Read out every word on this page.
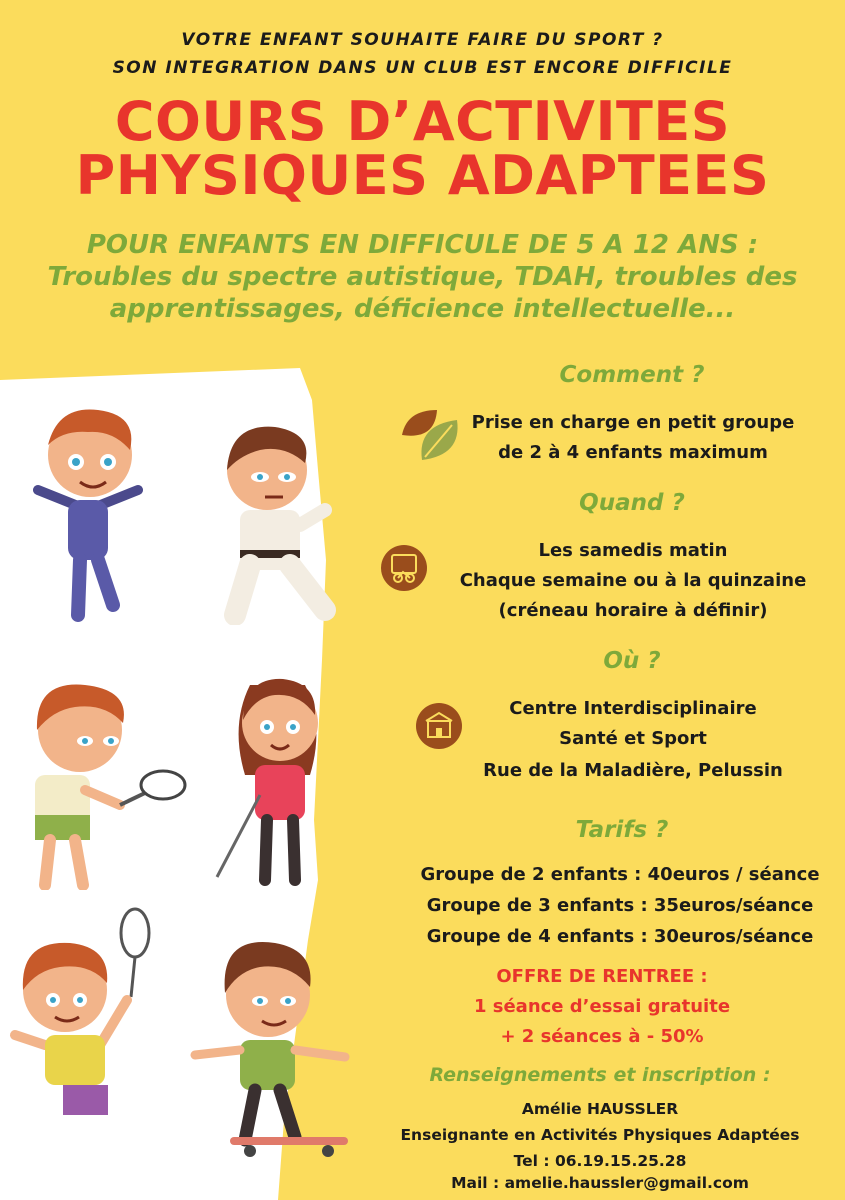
VOTRE ENFANT SOUHAITE FAIRE DU SPORT ?
SON INTEGRATION DANS UN CLUB EST ENCORE DIFFICILE
COURS D’ACTIVITES
PHYSIQUES ADAPTEES
POUR ENFANTS EN DIFFICULE DE 5 A 12 ANS :
Troubles du spectre autistique, TDAH, troubles des
apprentissages, déficience intellectuelle...
Comment ?
Prise en charge en petit groupe
de 2 à 4 enfants maximum
Quand ?
Les samedis matin
Chaque semaine ou à la quinzaine
(créneau horaire à définir)
Où ?
Centre Interdisciplinaire
Santé et Sport
Rue de la Maladière, Pelussin
Tarifs ?
Groupe de 2 enfants : 40euros / séance
Groupe de 3 enfants : 35euros/séance
Groupe de 4 enfants : 30euros/séance
OFFRE DE RENTREE :
1 séance d’essai gratuite
+ 2 séances à - 50%
Renseignements et inscription :
Amélie HAUSSLER
Enseignante en Activités Physiques Adaptées
Tel : 06.19.15.25.28
Mail : amelie.haussler@gmail.com
